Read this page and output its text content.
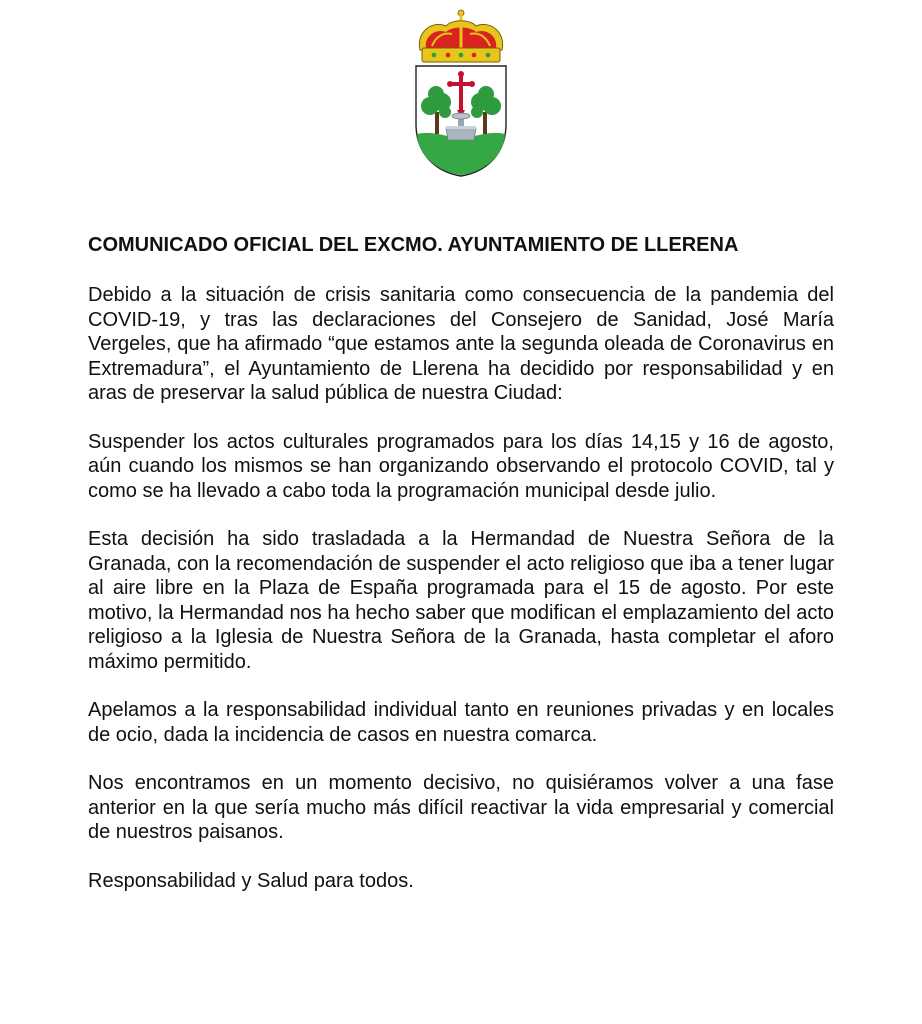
COMUNICADO OFICIAL DEL EXCMO. AYUNTAMIENTO DE LLERENA

Debido a la situación de crisis sanitaria como consecuencia de la pandemia del COVID-19, y tras las declaraciones del Consejero de Sanidad, José María Vergeles, que ha afirmado “que estamos ante la segunda oleada de Coronavirus en Extremadura”, el Ayuntamiento de Llerena ha decidido por responsabilidad y en aras de preservar la salud pública de nuestra Ciudad:

Suspender los actos culturales programados para los días 14,15 y 16 de agosto, aún cuando los mismos se han organizando observando el protocolo COVID, tal y como se ha llevado a cabo toda la programación municipal desde julio.

Esta decisión ha sido trasladada a la Hermandad de Nuestra Señora de la Granada, con la recomendación de suspender el acto religioso que iba a tener lugar al aire libre en la Plaza de España programada para el 15 de agosto. Por este motivo, la Hermandad nos ha hecho saber que modifican el emplazamiento del acto religioso a la Iglesia de Nuestra Señora de la Granada, hasta completar el aforo máximo permitido.

Apelamos a la responsabilidad individual tanto en reuniones privadas y en locales de ocio, dada la incidencia de casos en nuestra comarca.

Nos encontramos en un momento decisivo, no quisiéramos volver a una fase anterior en la que sería mucho más difícil reactivar la vida empresarial y comercial de nuestros paisanos.

Responsabilidad y Salud para todos.
